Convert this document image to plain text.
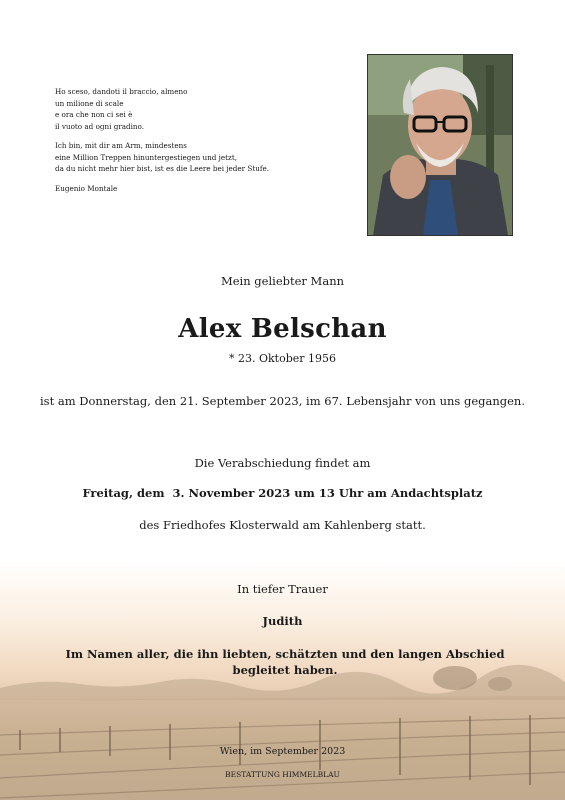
Ho sceso, dandoti il braccio, almeno
un milione di scale
e ora che non ci sei è
il vuoto ad ogni gradino.

Ich bin, mit dir am Arm, mindestens
eine Million Treppen hinuntergestiegen und jetzt,
da du nicht mehr hier bist, ist es die Leere bei jeder Stufe.

Eugenio Montale

Mein geliebter Mann
Alex Belschan
* 23. Oktober 1956
ist am Donnerstag, den 21. September 2023, im 67. Lebensjahr von uns gegangen.
Die Verabschiedung findet am
Freitag, dem  3. November 2023 um 13 Uhr am Andachtsplatz
des Friedhofes Klosterwald am Kahlenberg statt.
In tiefer Trauer
Judith
Im Namen aller, die ihn liebten, schätzten und den langen Abschied begleitet haben.
Wien, im September 2023
BESTATTUNG HIMMELBLAU
